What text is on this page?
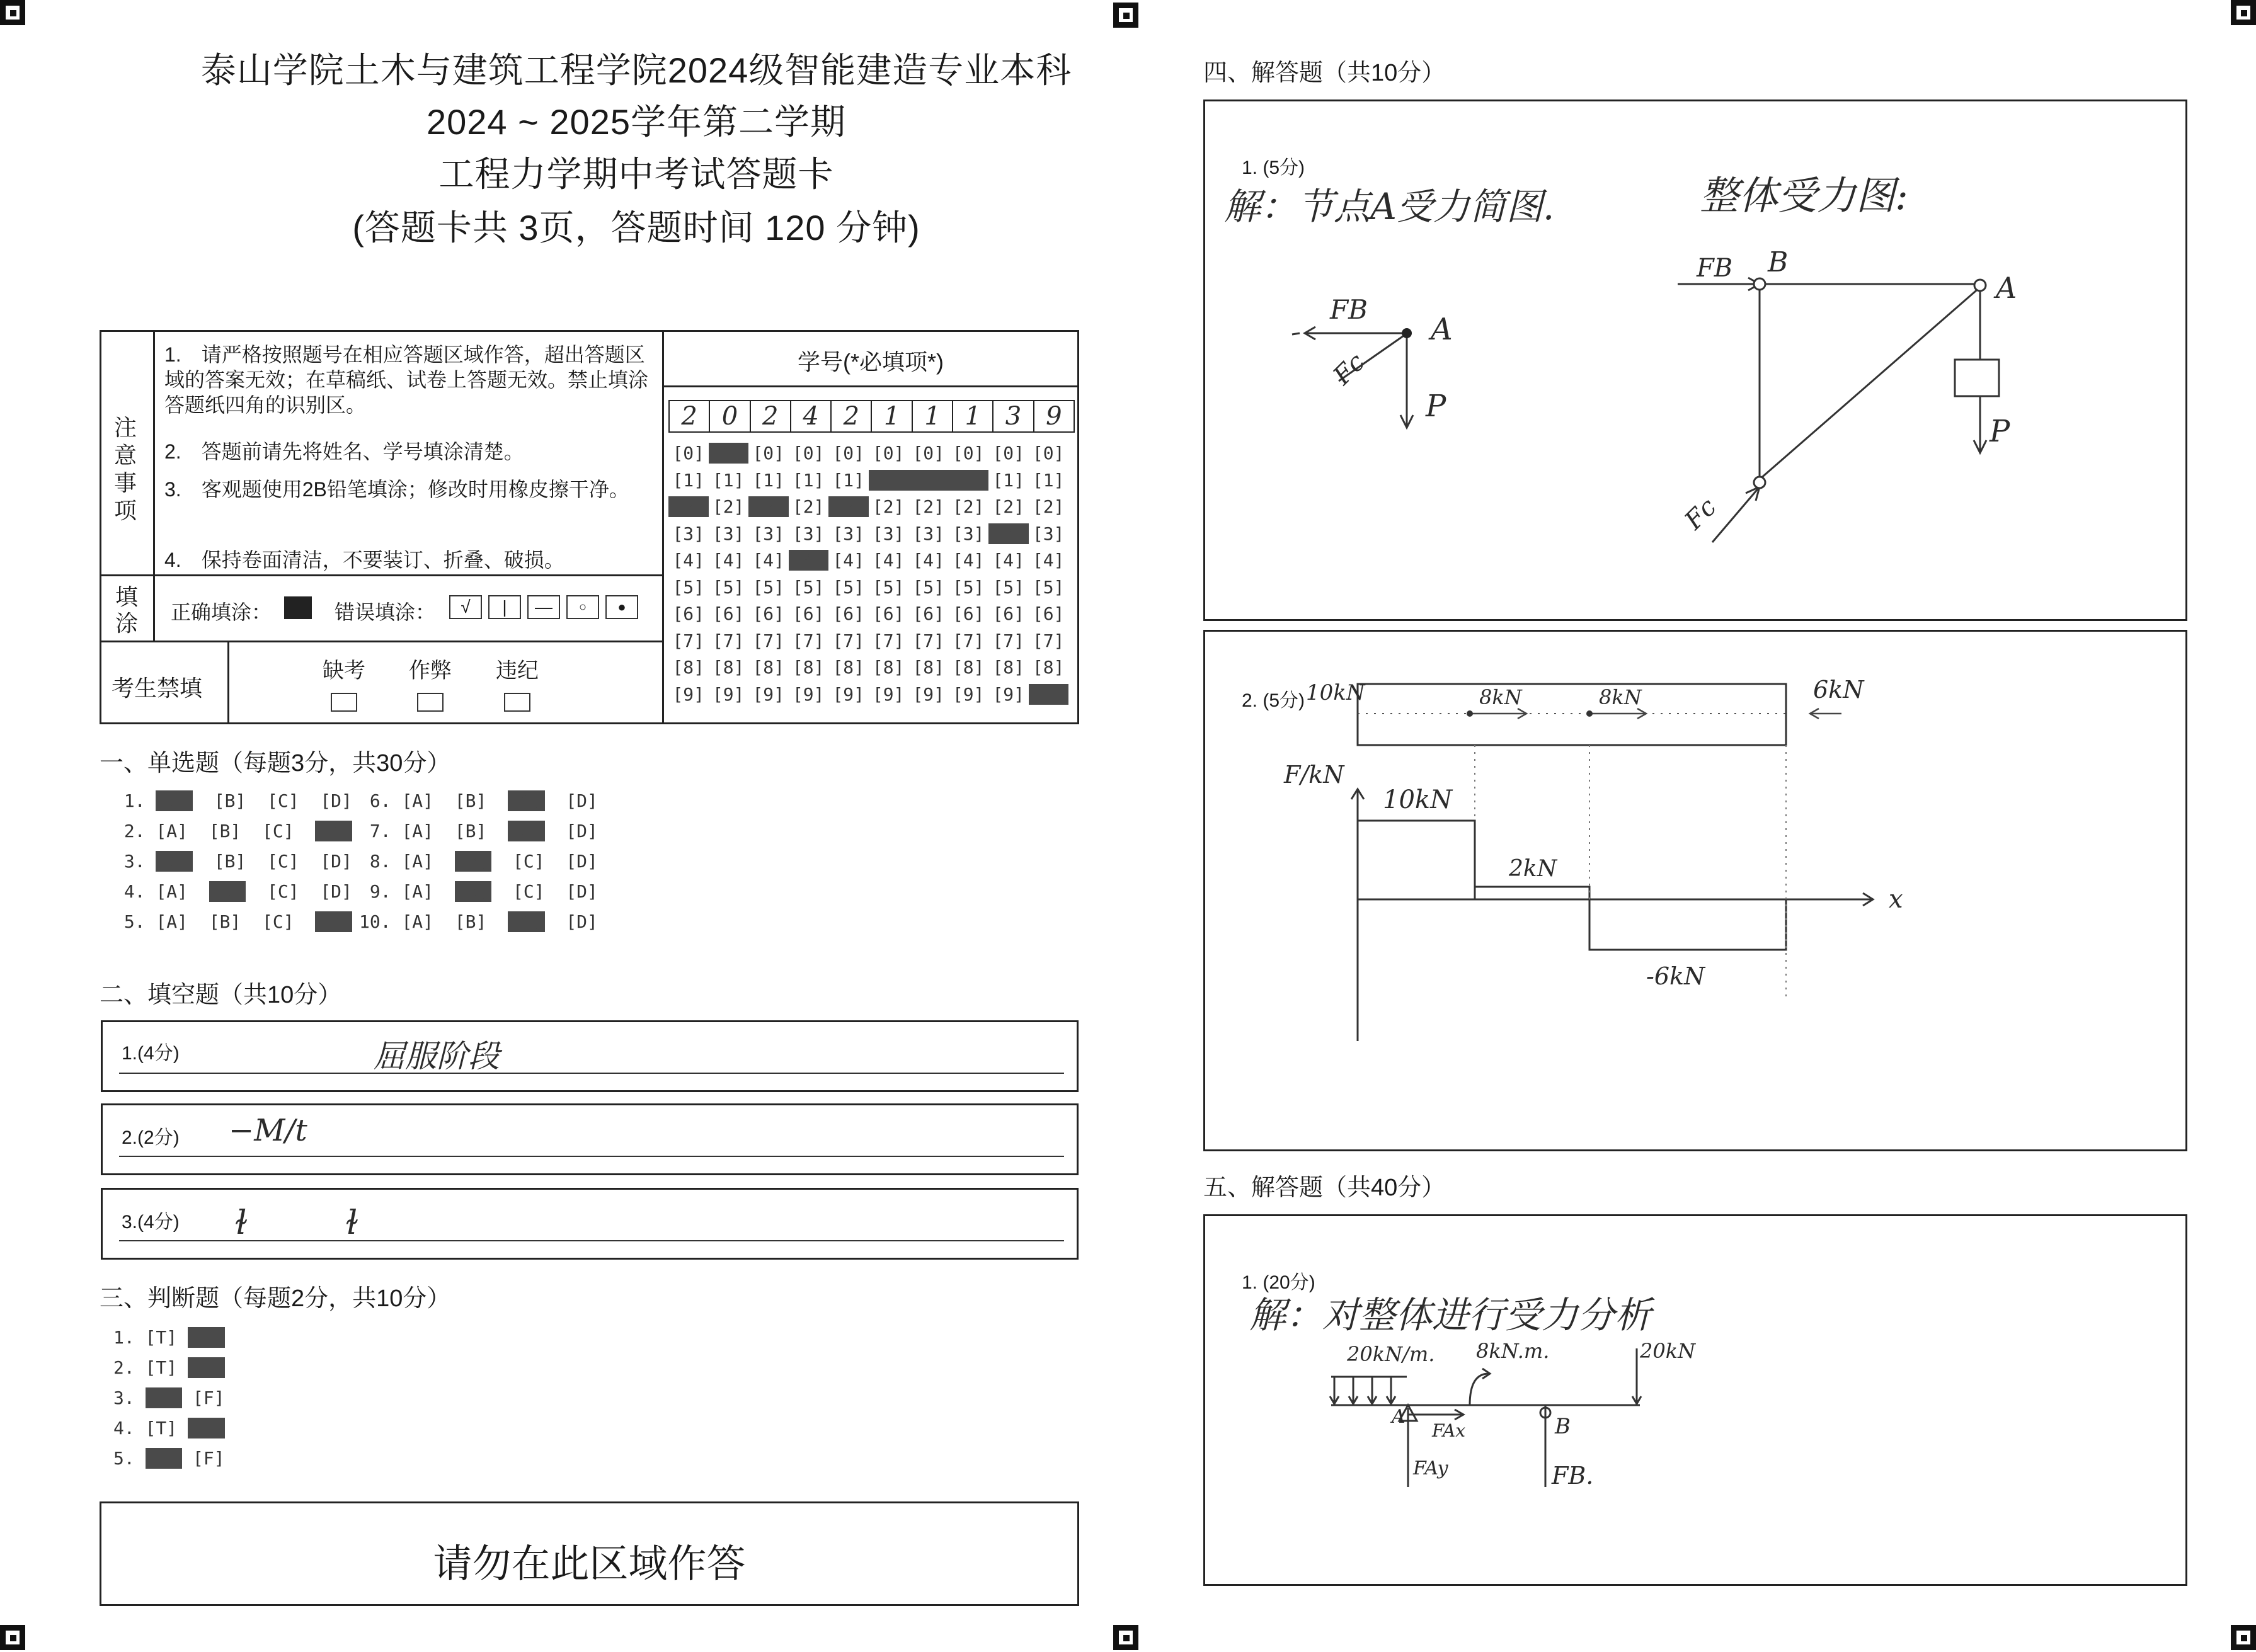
泰山学院土木与建筑工程学院2024级智能建造专业本科
2024 ~ 2025学年第二学期
工程力学期中考试答题卡
(答题卡共 3页，答题时间 120 分钟)
注意事项
1.　请严格按照题号在相应答题区域作答，超出答题区域的答案无效；在草稿纸、试卷上答题无效。禁止填涂答题纸四角的识别区。
2.　答题前请先将姓名、学号填涂清楚。
3.　客观题使用2B铅笔填涂；修改时用橡皮擦干净。
4.　保持卷面清洁，不要装订、折叠、破损。
填涂 正确填涂：	错误填涂：	√	|	—	○	●
考生禁填
缺考 作弊 违纪
学号(*必填项*)
2 0 2 4 2 1 1 1 3 9
[0] [0] [0] [0] [0] [0] [0] [0] [0] [0]
[1] [1] [1] [1] [1] [1] [1] [1] [1] [1]
[2] [2] [2] [2] [2] [2] [2] [2] [2] [2]
[3] [3] [3] [3] [3] [3] [3] [3] [3] [3]
[4] [4] [4] [4] [4] [4] [4] [4] [4] [4]
[5] [5] [5] [5] [5] [5] [5] [5] [5] [5]
[6] [6] [6] [6] [6] [6] [6] [6] [6] [6]
[7] [7] [7] [7] [7] [7] [7] [7] [7] [7]
[8] [8] [8] [8] [8] [8] [8] [8] [8] [8]
[9] [9] [9] [9] [9] [9] [9] [9] [9] [9]
一、单选题（每题3分，共30分）
1. [A] [B] [C] [D]
2. [A] [B] [C] [D]
3. [A] [B] [C] [D]
4. [A] [B] [C] [D]
5. [A] [B] [C] [D]
6. [A] [B] [C] [D]
7. [A] [B] [C] [D]
8. [A] [B] [C] [D]
9. [A] [B] [C] [D]
10. [A] [B] [C] [D]
二、填空题（共10分）
1.(4分)	屈服阶段
2.(2分) −M/t
3.(4分) ɫ　　　ɫ
三、判断题（每题2分，共10分）
1. [T] [F]
2. [T] [F]
3. [T] [F]
4. [T] [F]
5. [T] [F]
请勿在此区域作答
四、解答题（共10分）
1. (5分)
解：节点A受力简图.	整体受力图:
FB
A
Fc
P
FB B
A
P
Fc
2. (5分) 10kN	8kN	8kN	6kN
F/kN
x
10kN
2kN
-6kN
五、解答题（共40分）
1. (20分)
解：对整体进行受力分析
20kN/m. 8kN.m.	20kN
A
FAx
FAy
B
FB.
